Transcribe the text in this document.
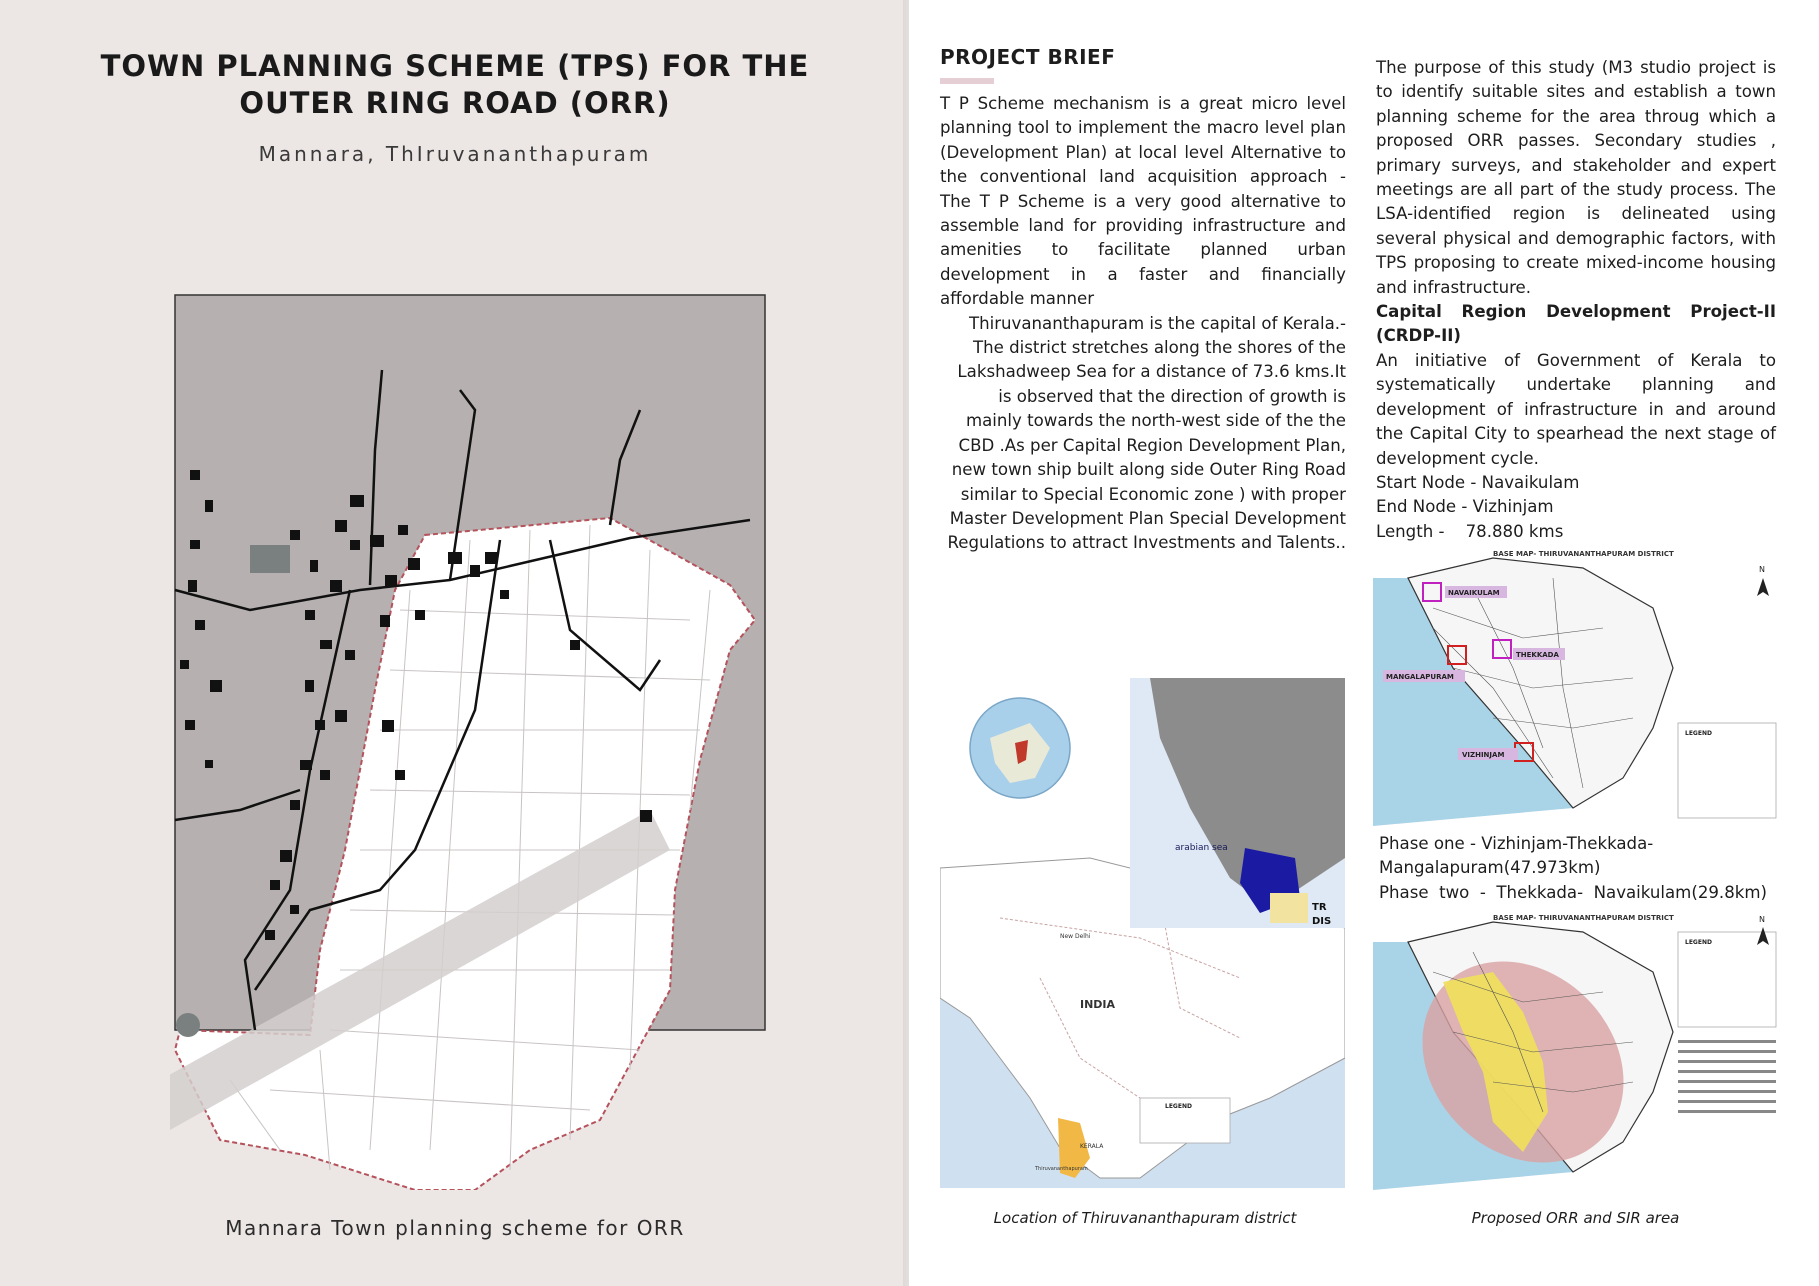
TOWN PLANNING SCHEME (TPS) FOR THE
OUTER RING ROAD (ORR)
Mannara, ThIruvananthapuram
Mannara Town planning scheme for ORR
PROJECT BRIEF

T P Scheme mechanism is a great micro level planning tool to implement the macro level plan (Development Plan) at local level Alternative to the conventional land acquisition approach - The T P Scheme is a very good alternative to assemble land for providing infrastructure and amenities to facilitate planned urban development in a faster and financially affordable manner

Thiruvananthapuram is the capital of Kerala.- The district stretches along the shores of the Lakshadweep Sea for a distance of 73.6 kms.It is observed that the direction of growth is mainly towards the north-west side of the the CBD .As per Capital Region Development Plan, new town ship built along side Outer Ring Road similar to Special Economic zone ) with proper Master Development Plan Special Development Regulations to attract Investments and Talents..

The purpose of this study (M3 studio project is to identify suitable sites and establish a town planning scheme for the area throug which a proposed ORR passes. Secondary studies , primary surveys, and stakeholder and expert meetings are all part of the study process. The LSA-identified region is delineated using several physical and demographic factors, with TPS proposing to create mixed-income housing and infrastructure.

Capital Region Development Project-II (CRDP-II)

An initiative of Government of Kerala to systematically undertake planning and development of infrastructure in and around the Capital City to spearhead the next stage of development cycle.

Start Node - Navaikulam
End Node - Vizhinjam
Length -    78.880 kms
arabian sea
INDIA
New Delhi
KERALA
Thiruvananthapuram
TR
DIS
LEGEND
NAVAIKULAM
THEKKADA
MANGALAPURAM
VIZHINJAM
BASE MAP- THIRUVANANTHAPURAM DISTRICT
LEGEND
N
Phase one - Vizhinjam-Thekkada-
Mangalapuram(47.973km)
Phase  two  -  Thekkada-  Navaikulam(29.8km)
BASE MAP- THIRUVANANTHAPURAM DISTRICT
LEGEND
N
Location of Thiruvananthapuram district	Proposed ORR and SIR area
